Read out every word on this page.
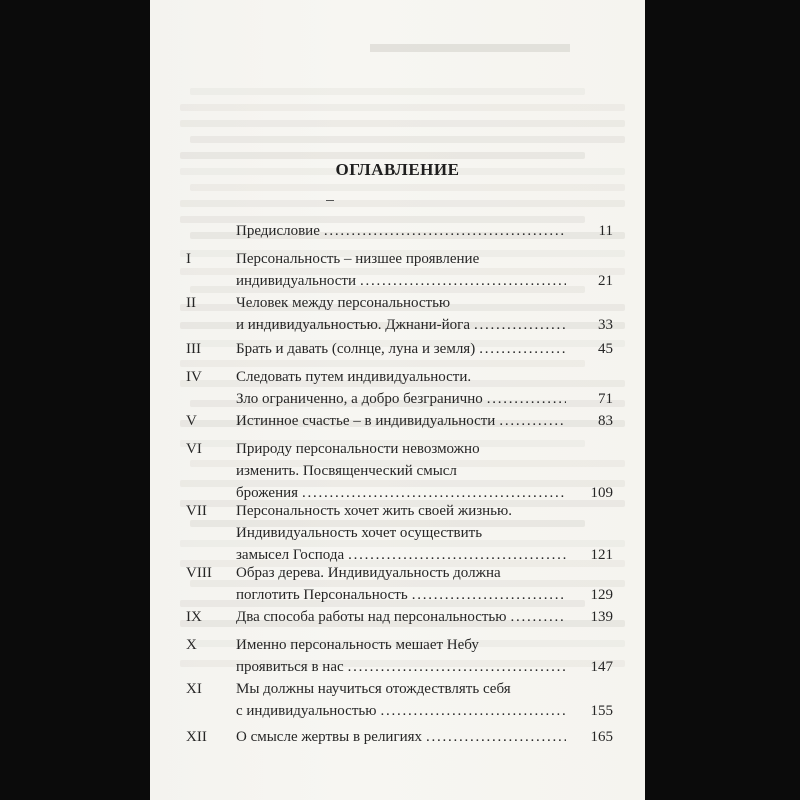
ОГЛАВЛЕНИЕ
Предисловие . . .	11
I	Персональность – низшее проявление
индивидуальности . . .	21
II	Человек между персональностью
и индивидуальностью. Джнани-йога . . .	33
III	Брать и давать (солнце, луна и земля) . . .	45
IV	Следовать путем индивидуальности.
Зло ограниченно, а добро безгранично . . .	71
V	Истинное счастье – в индивидуальности . . .	83
VI	Природу персональности невозможно
изменить. Посвященческий смысл
брожения . . .	109
VII	Персональность хочет жить своей жизнью.
Индивидуальность хочет осуществить
замысел Господа . . .	121
VIII	Образ дерева. Индивидуальность должна
поглотить Персональность . . .	129
IX	Два способа работы над персональностью . . .	139
X	Именно персональность мешает Небу
проявиться в нас . . .	147
XI	Мы должны научиться отождествлять себя
с индивидуальностью . . .	155
XII	О смысле жертвы в религиях . . .	165
